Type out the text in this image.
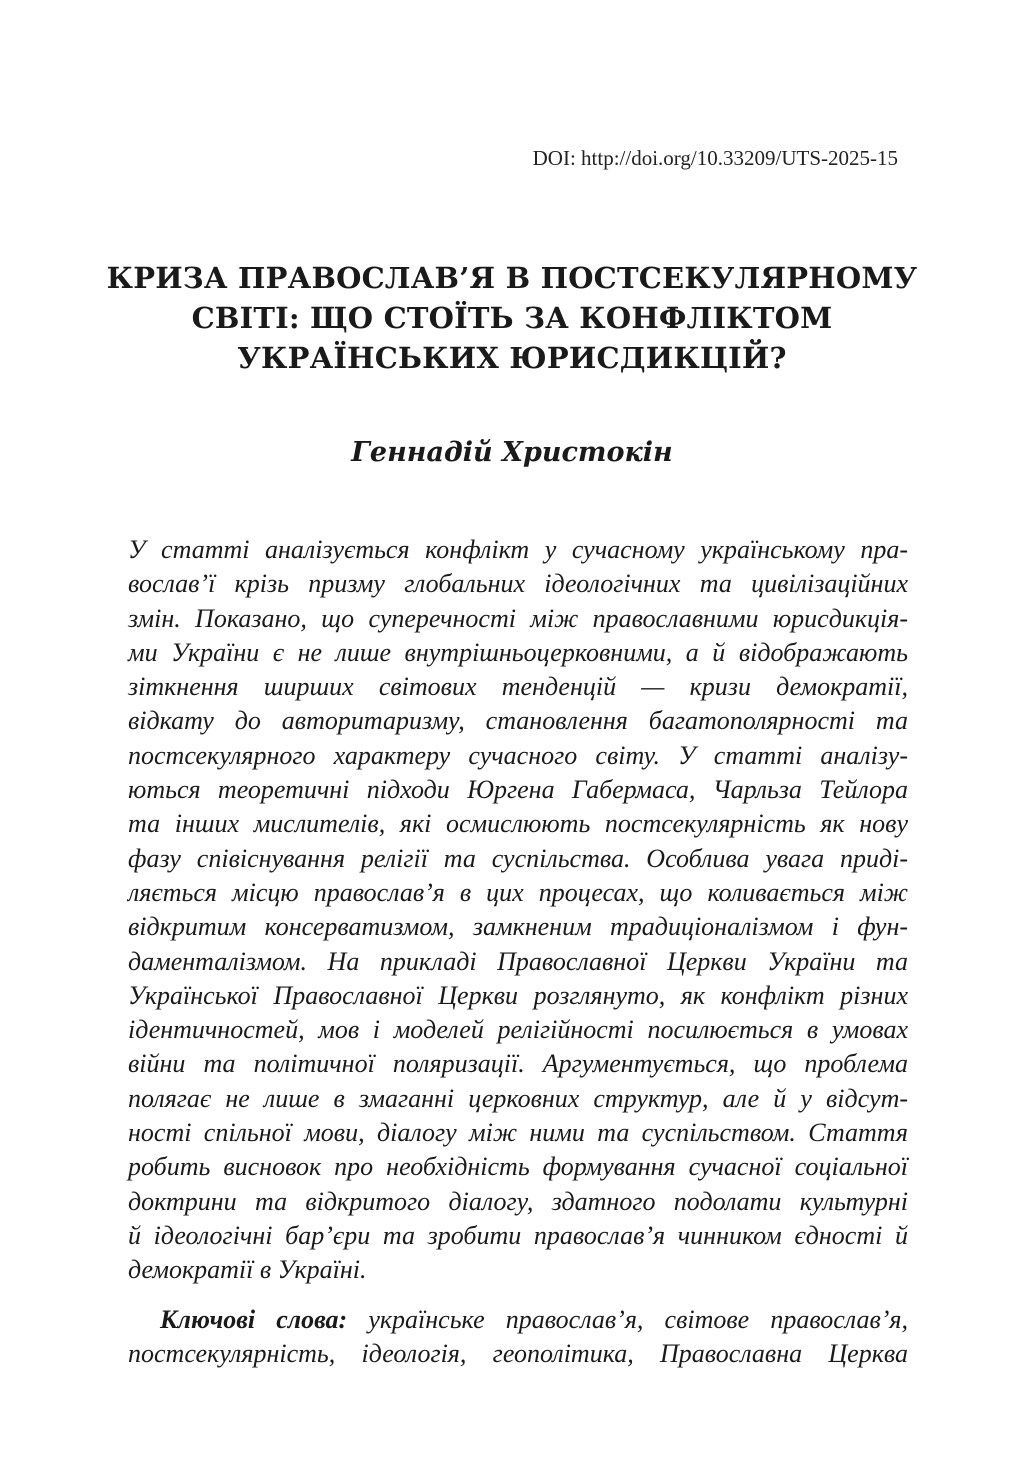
DOI: http://doi.org/10.33209/UTS-2025-15
КРИЗА ПРАВОСЛАВ’Я В ПОСТСЕКУЛЯРНОМУ
СВІТІ: ЩО СТОЇТЬ ЗА КОНФЛІКТОМ
УКРАЇНСЬКИХ ЮРИСДИКЦІЙ?
Геннадій Христокін
У статті аналізується конфлікт у сучасному українському пра-
вослав’ї крізь призму глобальних ідеологічних та цивілізаційних
змін. Показано, що суперечності між православними юрисдикція-
ми України є не лише внутрішньоцерковними, а й відображають
зіткнення ширших світових тенденцій — кризи демократії,
відкату до авторитаризму, становлення багатополярності та
постсекулярного характеру сучасного світу. У статті аналізу-
ються теоретичні підходи Юргена Габермаса, Чарльза Тейлора
та інших мислителів, які осмислюють постсекулярність як нову
фазу співіснування релігії та суспільства. Особлива увага приді-
ляється місцю православ’я в цих процесах, що коливається між
відкритим консерватизмом, замкненим традиціоналізмом і фун-
даменталізмом. На прикладі Православної Церкви України та
Української Православної Церкви розглянуто, як конфлікт різних
ідентичностей, мов і моделей релігійності посилюється в умовах
війни та політичної поляризації. Аргументується, що проблема
полягає не лише в змаганні церковних структур, але й у відсут-
ності спільної мови, діалогу між ними та суспільством. Стаття
робить висновок про необхідність формування сучасної соціальної
доктрини та відкритого діалогу, здатного подолати культурні
й ідеологічні бар’єри та зробити православ’я чинником єдності й
демократії в Україні.
Ключові слова: українське православ’я, світове православ’я,
постсекулярність, ідеологія, геополітика, Православна Церква
